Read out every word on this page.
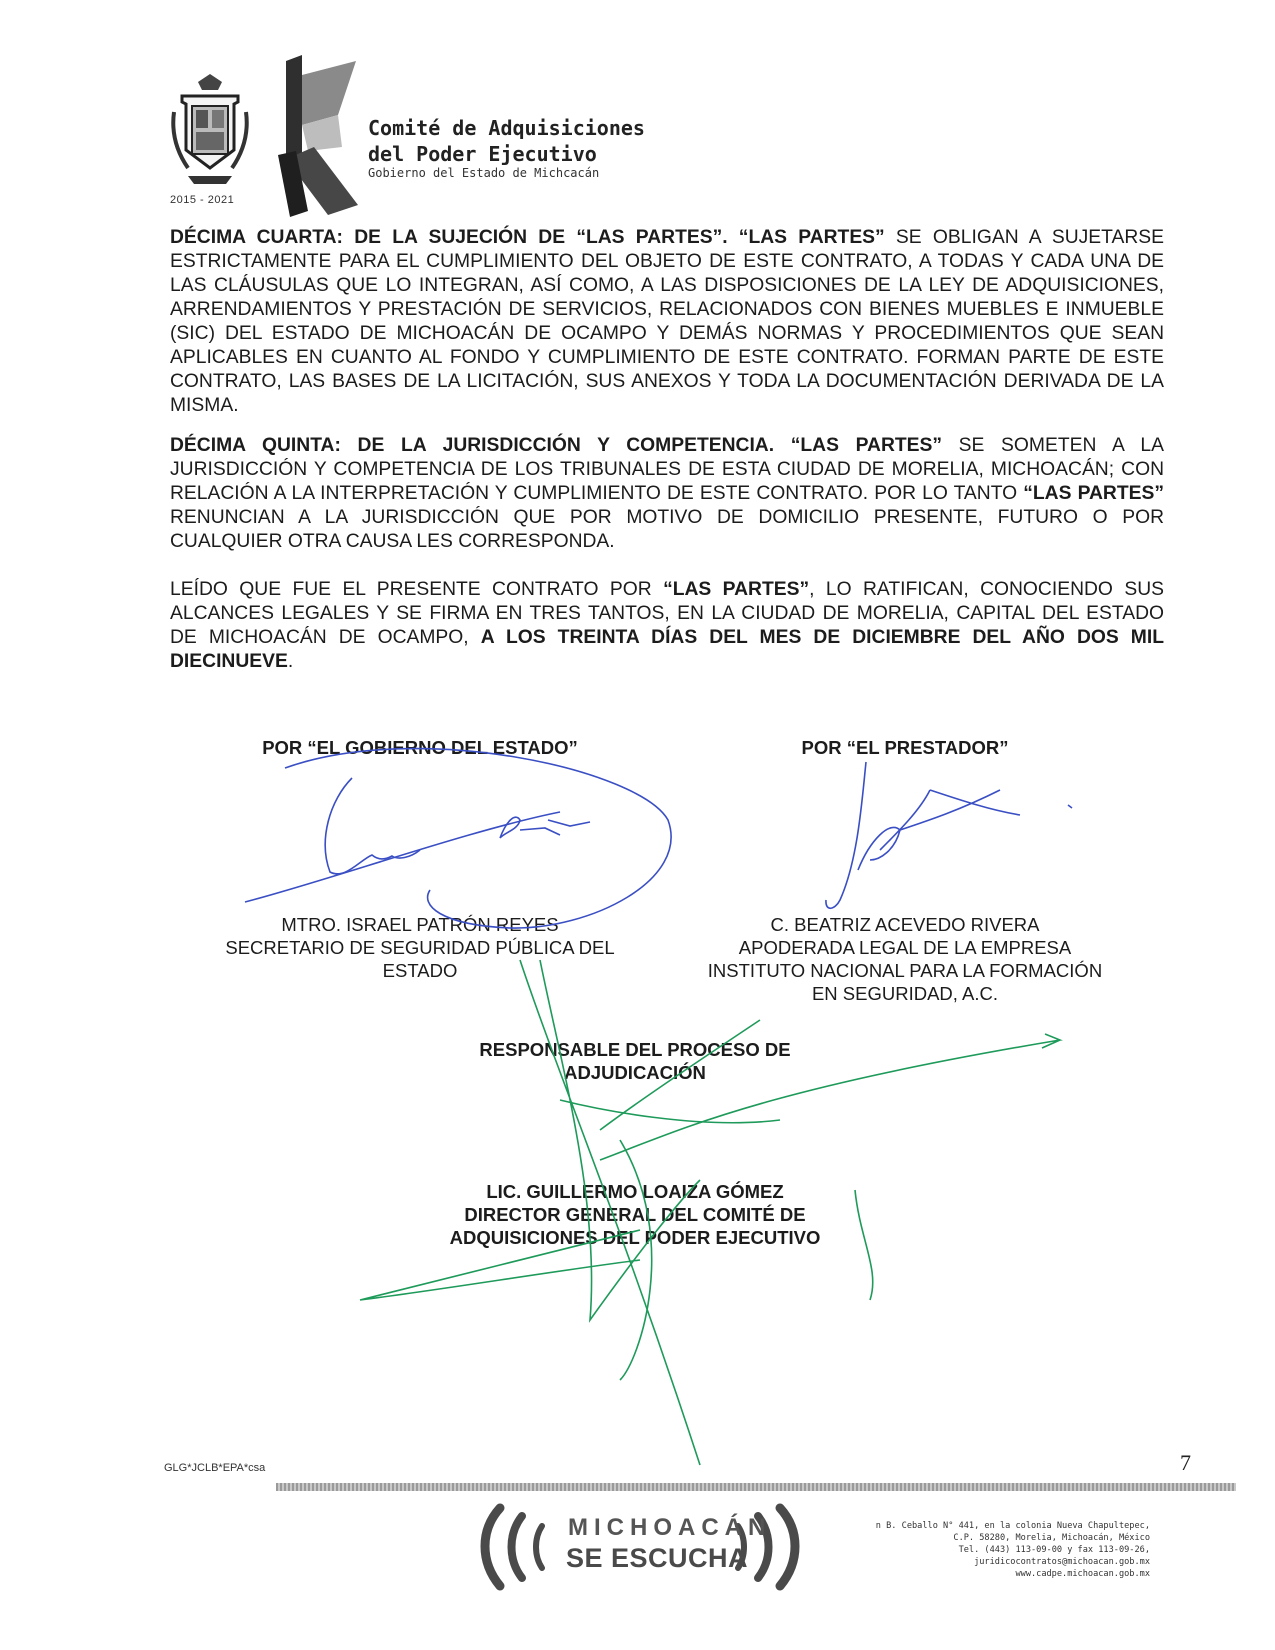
2015 - 2021
Comité de Adquisiciones
del Poder Ejecutivo
Gobierno del Estado de Michcacán
DÉCIMA CUARTA: DE LA SUJECIÓN DE “LAS PARTES”. “LAS PARTES” SE OBLIGAN A SUJETARSE ESTRICTAMENTE PARA EL CUMPLIMIENTO DEL OBJETO DE ESTE CONTRATO, A TODAS Y CADA UNA DE LAS CLÁUSULAS QUE LO INTEGRAN, ASÍ COMO, A LAS DISPOSICIONES DE LA LEY DE ADQUISICIONES, ARRENDAMIENTOS Y PRESTACIÓN DE SERVICIOS, RELACIONADOS CON BIENES MUEBLES E INMUEBLE (SIC) DEL ESTADO DE MICHOACÁN DE OCAMPO Y DEMÁS NORMAS Y PROCEDIMIENTOS QUE SEAN APLICABLES EN CUANTO AL FONDO Y CUMPLIMIENTO DE ESTE CONTRATO. FORMAN PARTE DE ESTE CONTRATO, LAS BASES DE LA LICITACIÓN, SUS ANEXOS Y TODA LA DOCUMENTACIÓN DERIVADA DE LA MISMA.
DÉCIMA QUINTA: DE LA JURISDICCIÓN Y COMPETENCIA. “LAS PARTES” SE SOMETEN A LA JURISDICCIÓN Y COMPETENCIA DE LOS TRIBUNALES DE ESTA CIUDAD DE MORELIA, MICHOACÁN; CON RELACIÓN A LA INTERPRETACIÓN Y CUMPLIMIENTO DE ESTE CONTRATO. POR LO TANTO “LAS PARTES” RENUNCIAN A LA JURISDICCIÓN QUE POR MOTIVO DE DOMICILIO PRESENTE, FUTURO O POR CUALQUIER OTRA CAUSA LES CORRESPONDA.
LEÍDO QUE FUE EL PRESENTE CONTRATO POR “LAS PARTES”, LO RATIFICAN, CONOCIENDO SUS ALCANCES LEGALES Y SE FIRMA EN TRES TANTOS, EN LA CIUDAD DE MORELIA, CAPITAL DEL ESTADO DE MICHOACÁN DE OCAMPO, A LOS TREINTA DÍAS DEL MES DE DICIEMBRE DEL AÑO DOS MIL DIECINUEVE.
POR “EL GOBIERNO DEL ESTADO”	POR “EL PRESTADOR”
MTRO. ISRAEL PATRÓN REYES
SECRETARIO DE SEGURIDAD PÚBLICA DEL
ESTADO
C. BEATRIZ ACEVEDO RIVERA
APODERADA LEGAL DE LA EMPRESA
INSTITUTO NACIONAL PARA LA FORMACIÓN
EN SEGURIDAD, A.C.
RESPONSABLE DEL PROCESO DE
ADJUDICACIÓN
LIC. GUILLERMO LOAIZA GÓMEZ
DIRECTOR GENERAL DEL COMITÉ DE
ADQUISICIONES DEL PODER EJECUTIVO
GLG*JCLB*EPA*csa	7
MICHOACÁN
SE ESCUCHA
n B. Ceballo N° 441, en la colonia Nueva Chapultepec,
C.P. 58280, Morelia, Michoacán, México
Tel. (443) 113-09-00 y fax 113-09-26,
juridicocontratos@michoacan.gob.mx
www.cadpe.michoacan.gob.mx
